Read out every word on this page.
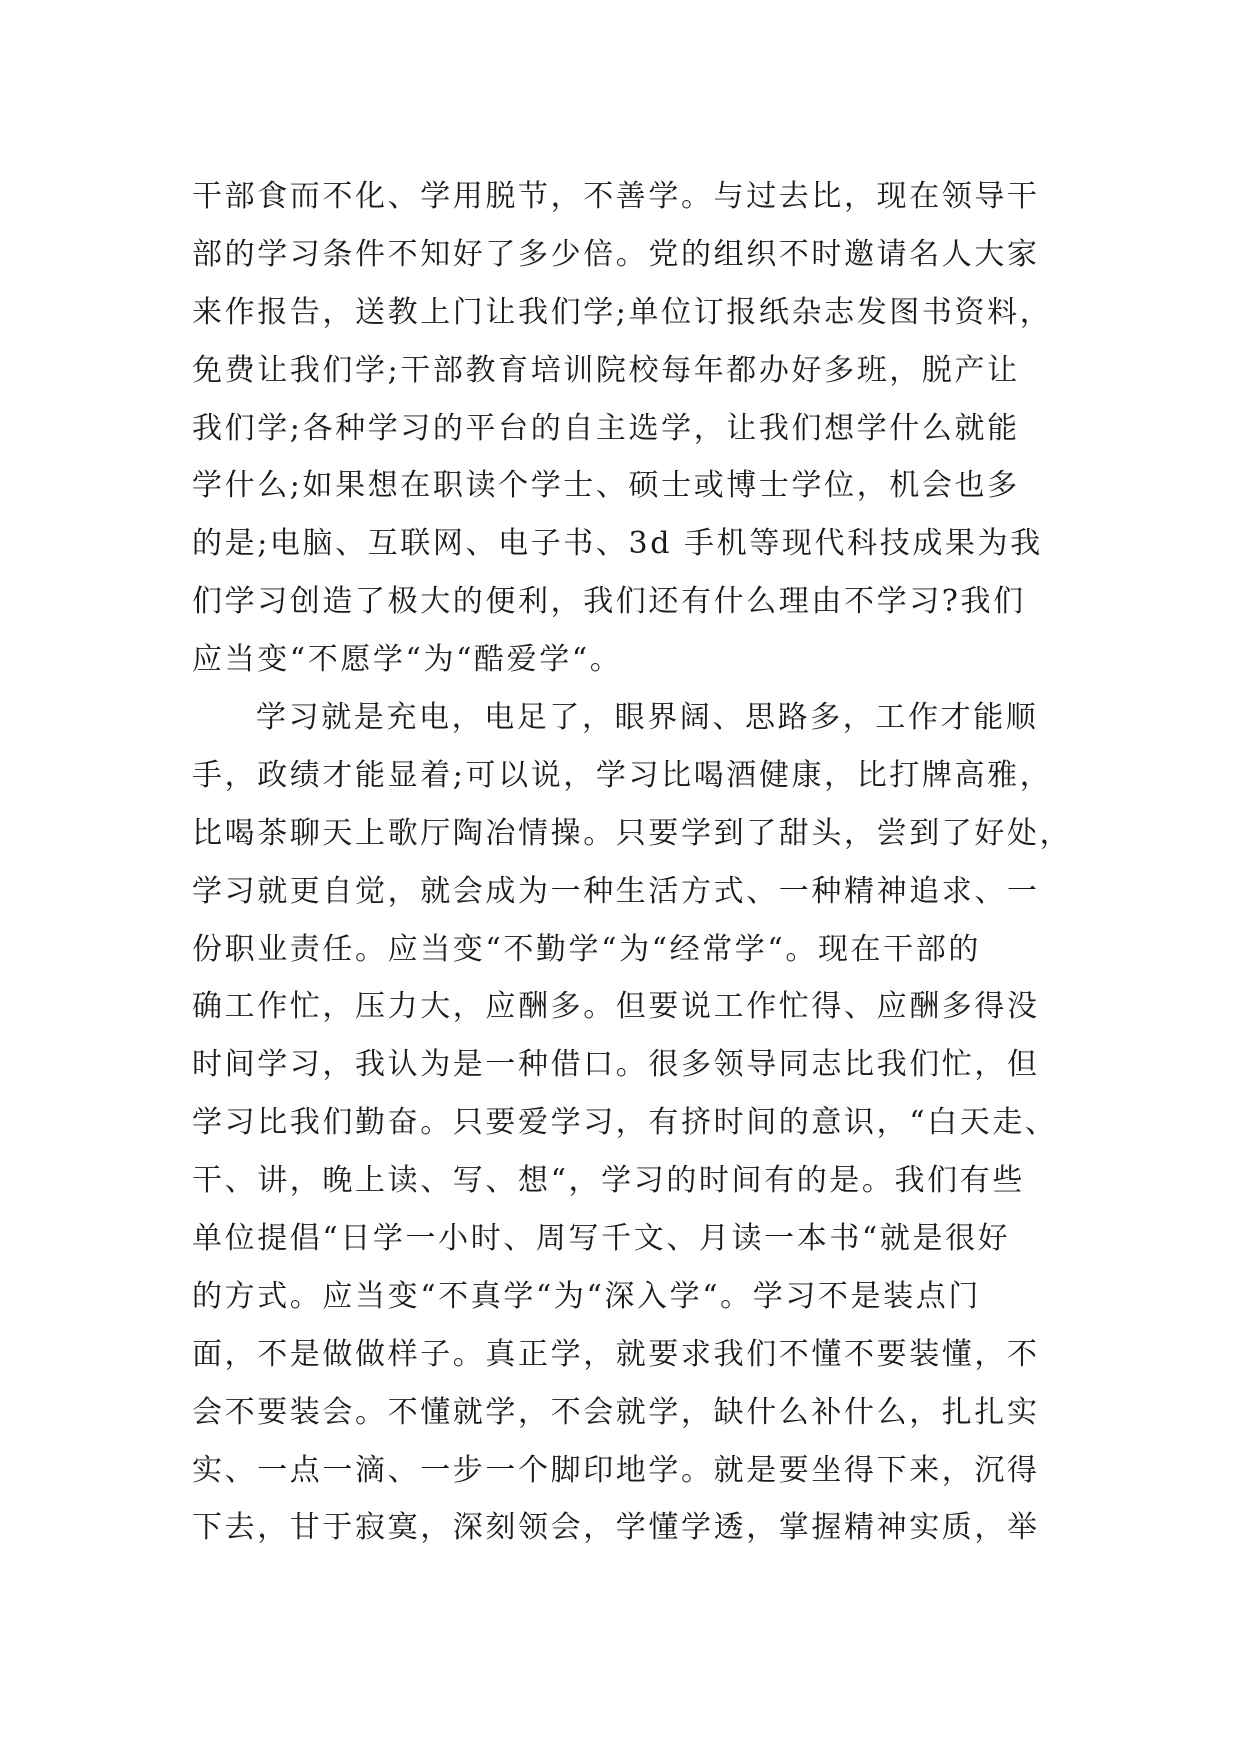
干部食而不化、学用脱节，不善学。与过去比，现在领导干
部的学习条件不知好了多少倍。党的组织不时邀请名人大家
来作报告，送教上门让我们学;单位订报纸杂志发图书资料，
免费让我们学;干部教育培训院校每年都办好多班，脱产让
我们学;各种学习的平台的自主选学，让我们想学什么就能
学什么;如果想在职读个学士、硕士或博士学位，机会也多
的是;电脑、互联网、电子书、3d 手机等现代科技成果为我
们学习创造了极大的便利，我们还有什么理由不学习?我们
应当变“不愿学“为“酷爱学“。
学习就是充电，电足了，眼界阔、思路多，工作才能顺
手，政绩才能显着;可以说，学习比喝酒健康，比打牌高雅，
比喝茶聊天上歌厅陶冶情操。只要学到了甜头，尝到了好处，
学习就更自觉，就会成为一种生活方式、一种精神追求、一
份职业责任。应当变“不勤学“为“经常学“。现在干部的
确工作忙，压力大，应酬多。但要说工作忙得、应酬多得没
时间学习，我认为是一种借口。很多领导同志比我们忙，但
学习比我们勤奋。只要爱学习，有挤时间的意识，“白天走、
干、讲，晚上读、写、想“，学习的时间有的是。我们有些
单位提倡“日学一小时、周写千文、月读一本书“就是很好
的方式。应当变“不真学“为“深入学“。学习不是装点门
面，不是做做样子。真正学，就要求我们不懂不要装懂，不
会不要装会。不懂就学，不会就学，缺什么补什么，扎扎实
实、一点一滴、一步一个脚印地学。就是要坐得下来，沉得
下去，甘于寂寞，深刻领会，学懂学透，掌握精神实质，举
